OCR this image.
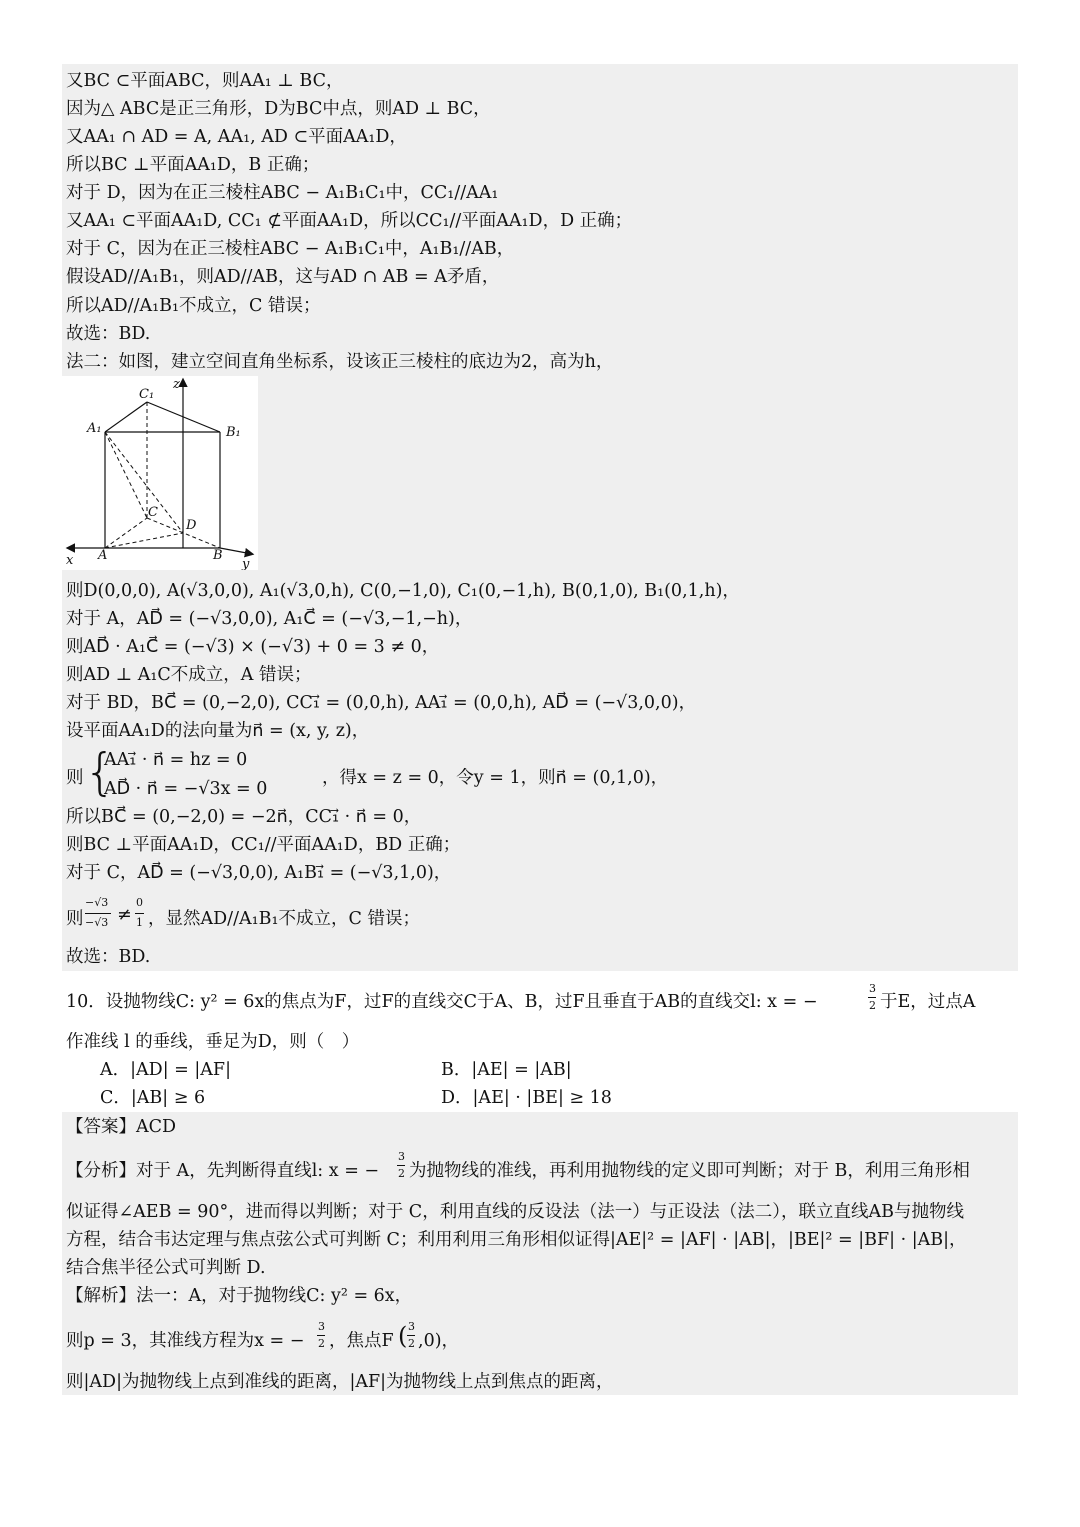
又BC ⊂平面ABC，则AA₁ ⊥ BC，
因为△ ABC是正三角形，D为BC中点，则AD ⊥ BC，
又AA₁ ∩ AD = A, AA₁, AD ⊂平面AA₁D，
所以BC ⊥平面AA₁D，B 正确；
对于 D，因为在正三棱柱ABC − A₁B₁C₁中，CC₁//AA₁
又AA₁ ⊂平面AA₁D, CC₁ ⊄平面AA₁D，所以CC₁//平面AA₁D，D 正确；
对于 C，因为在正三棱柱ABC − A₁B₁C₁中，A₁B₁//AB，
假设AD//A₁B₁，则AD//AB，这与AD ∩ AB = A矛盾，
所以AD//A₁B₁不成立，C 错误；
故选：BD.
法二：如图，建立空间直角坐标系，设该正三棱柱的底边为2，高为h，
z
C₁
A₁	B₁
C
D
x A	B
y
则D(0,0,0), A(√3,0,0), A₁(√3,0,h), C(0,−1,0), C₁(0,−1,h), B(0,1,0), B₁(0,1,h)，
对于 A，AD⃗ = (−√3,0,0), A₁C⃗ = (−√3,−1,−h)，
则AD⃗ · A₁C⃗ = (−√3) × (−√3) + 0 = 3 ≠ 0，
则AD ⊥ A₁C不成立，A 错误；
对于 BD，BC⃗ = (0,−2,0), CC₁⃗ = (0,0,h), AA₁⃗ = (0,0,h), AD⃗ = (−√3,0,0)，
设平面AA₁D的法向量为n⃗ = (x, y, z)，
则 {
AA₁⃗ · n⃗ = hz = 0
AD⃗ · n⃗ = −√3x = 0
，得x = z = 0，令y = 1，则n⃗ = (0,1,0)，
所以BC⃗ = (0,−2,0) = −2n⃗，CC₁⃗ · n⃗ = 0，
则BC ⊥平面AA₁D，CC₁//平面AA₁D，BD 正确；
对于 C，AD⃗ = (−√3,0,0), A₁B₁⃗ = (−√3,1,0)，
则
−√3
−√3 ≠
0
1 ，显然AD//A₁B₁不成立，C 错误；
故选：BD.
10．设抛物线C: y² = 6x的焦点为F，过F的直线交C于A、B，过F且垂直于AB的直线交l: x = −
3
2 于E，过点A
作准线 l 的垂线，垂足为D，则（　）
A．|AD| = |AF|	B．|AE| = |AB|
C．|AB| ≥ 6	D．|AE| · |BE| ≥ 18
【答案】ACD
【分析】对于 A，先判断得直线l: x = −
3
2 为抛物线的准线，再利用抛物线的定义即可判断；对于 B，利用三角形相
似证得∠AEB = 90°，进而得以判断；对于 C，利用直线的反设法（法一）与正设法（法二），联立直线AB与抛物线
方程，结合韦达定理与焦点弦公式可判断 C；利用利用三角形相似证得|AE|² = |AF| · |AB|，|BE|² = |BF| · |AB|，
结合焦半径公式可判断 D.
【解析】法一：A，对于抛物线C: y² = 6x，
则p = 3，其准线方程为x = −
3
2 ，焦点F ( 3
2 ,0)，
则|AD|为抛物线上点到准线的距离，|AF|为抛物线上点到焦点的距离，
